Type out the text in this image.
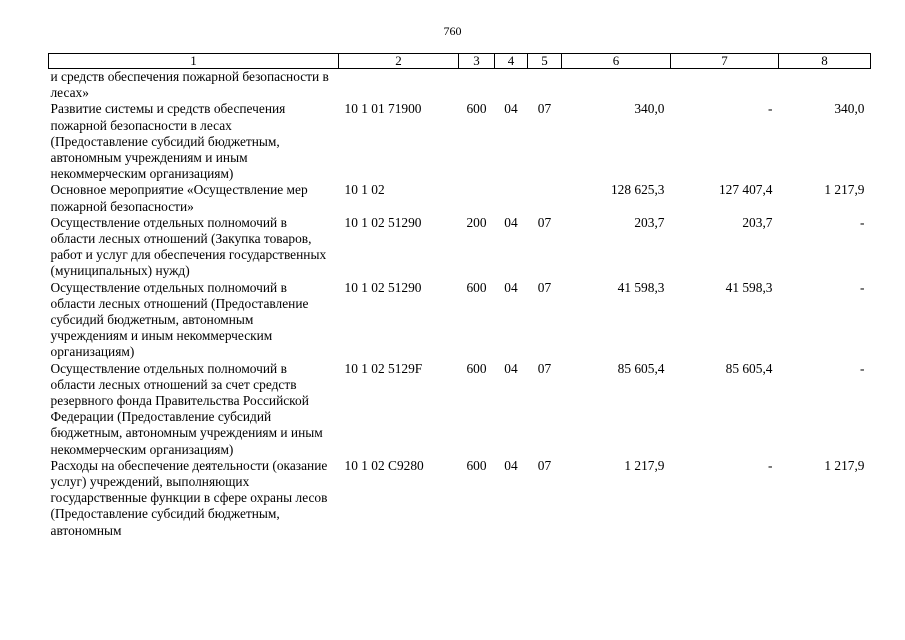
760
1	2	3	4	5	6	7	8
и средств обеспечения пожарной безопасности в лесах»							
Развитие системы и средств обеспечения пожарной безопасности в лесах (Предоставление субсидий бюджетным, автономным учреждениям и иным некоммерческим организациям)	10 1 01 71900	600	04	07	340,0	-	340,0
Основное мероприятие «Осуществление мер пожарной безопасности»	10 1 02				128 625,3	127 407,4	1 217,9
Осуществление отдельных полномочий в области лесных отношений (Закупка товаров, работ и услуг для обеспечения государственных (муниципальных) нужд)	10 1 02 51290	200	04	07	203,7	203,7	-
Осуществление отдельных полномочий в области лесных отношений (Предоставление субсидий бюджетным, автономным учреждениям и иным некоммерческим организациям)	10 1 02 51290	600	04	07	41 598,3	41 598,3	-
Осуществление отдельных полномочий в области лесных отношений за счет средств резервного фонда Правительства Российской Федерации (Предоставление субсидий бюджетным, автономным учреждениям и иным некоммерческим организациям)	10 1 02 5129F	600	04	07	85 605,4	85 605,4	-
Расходы на обеспечение деятельности (оказание услуг) учреждений, выполняющих государственные функции в сфере охраны лесов (Предоставление субсидий бюджетным, автономным	10 1 02 С9280	600	04	07	1 217,9	-	1 217,9
